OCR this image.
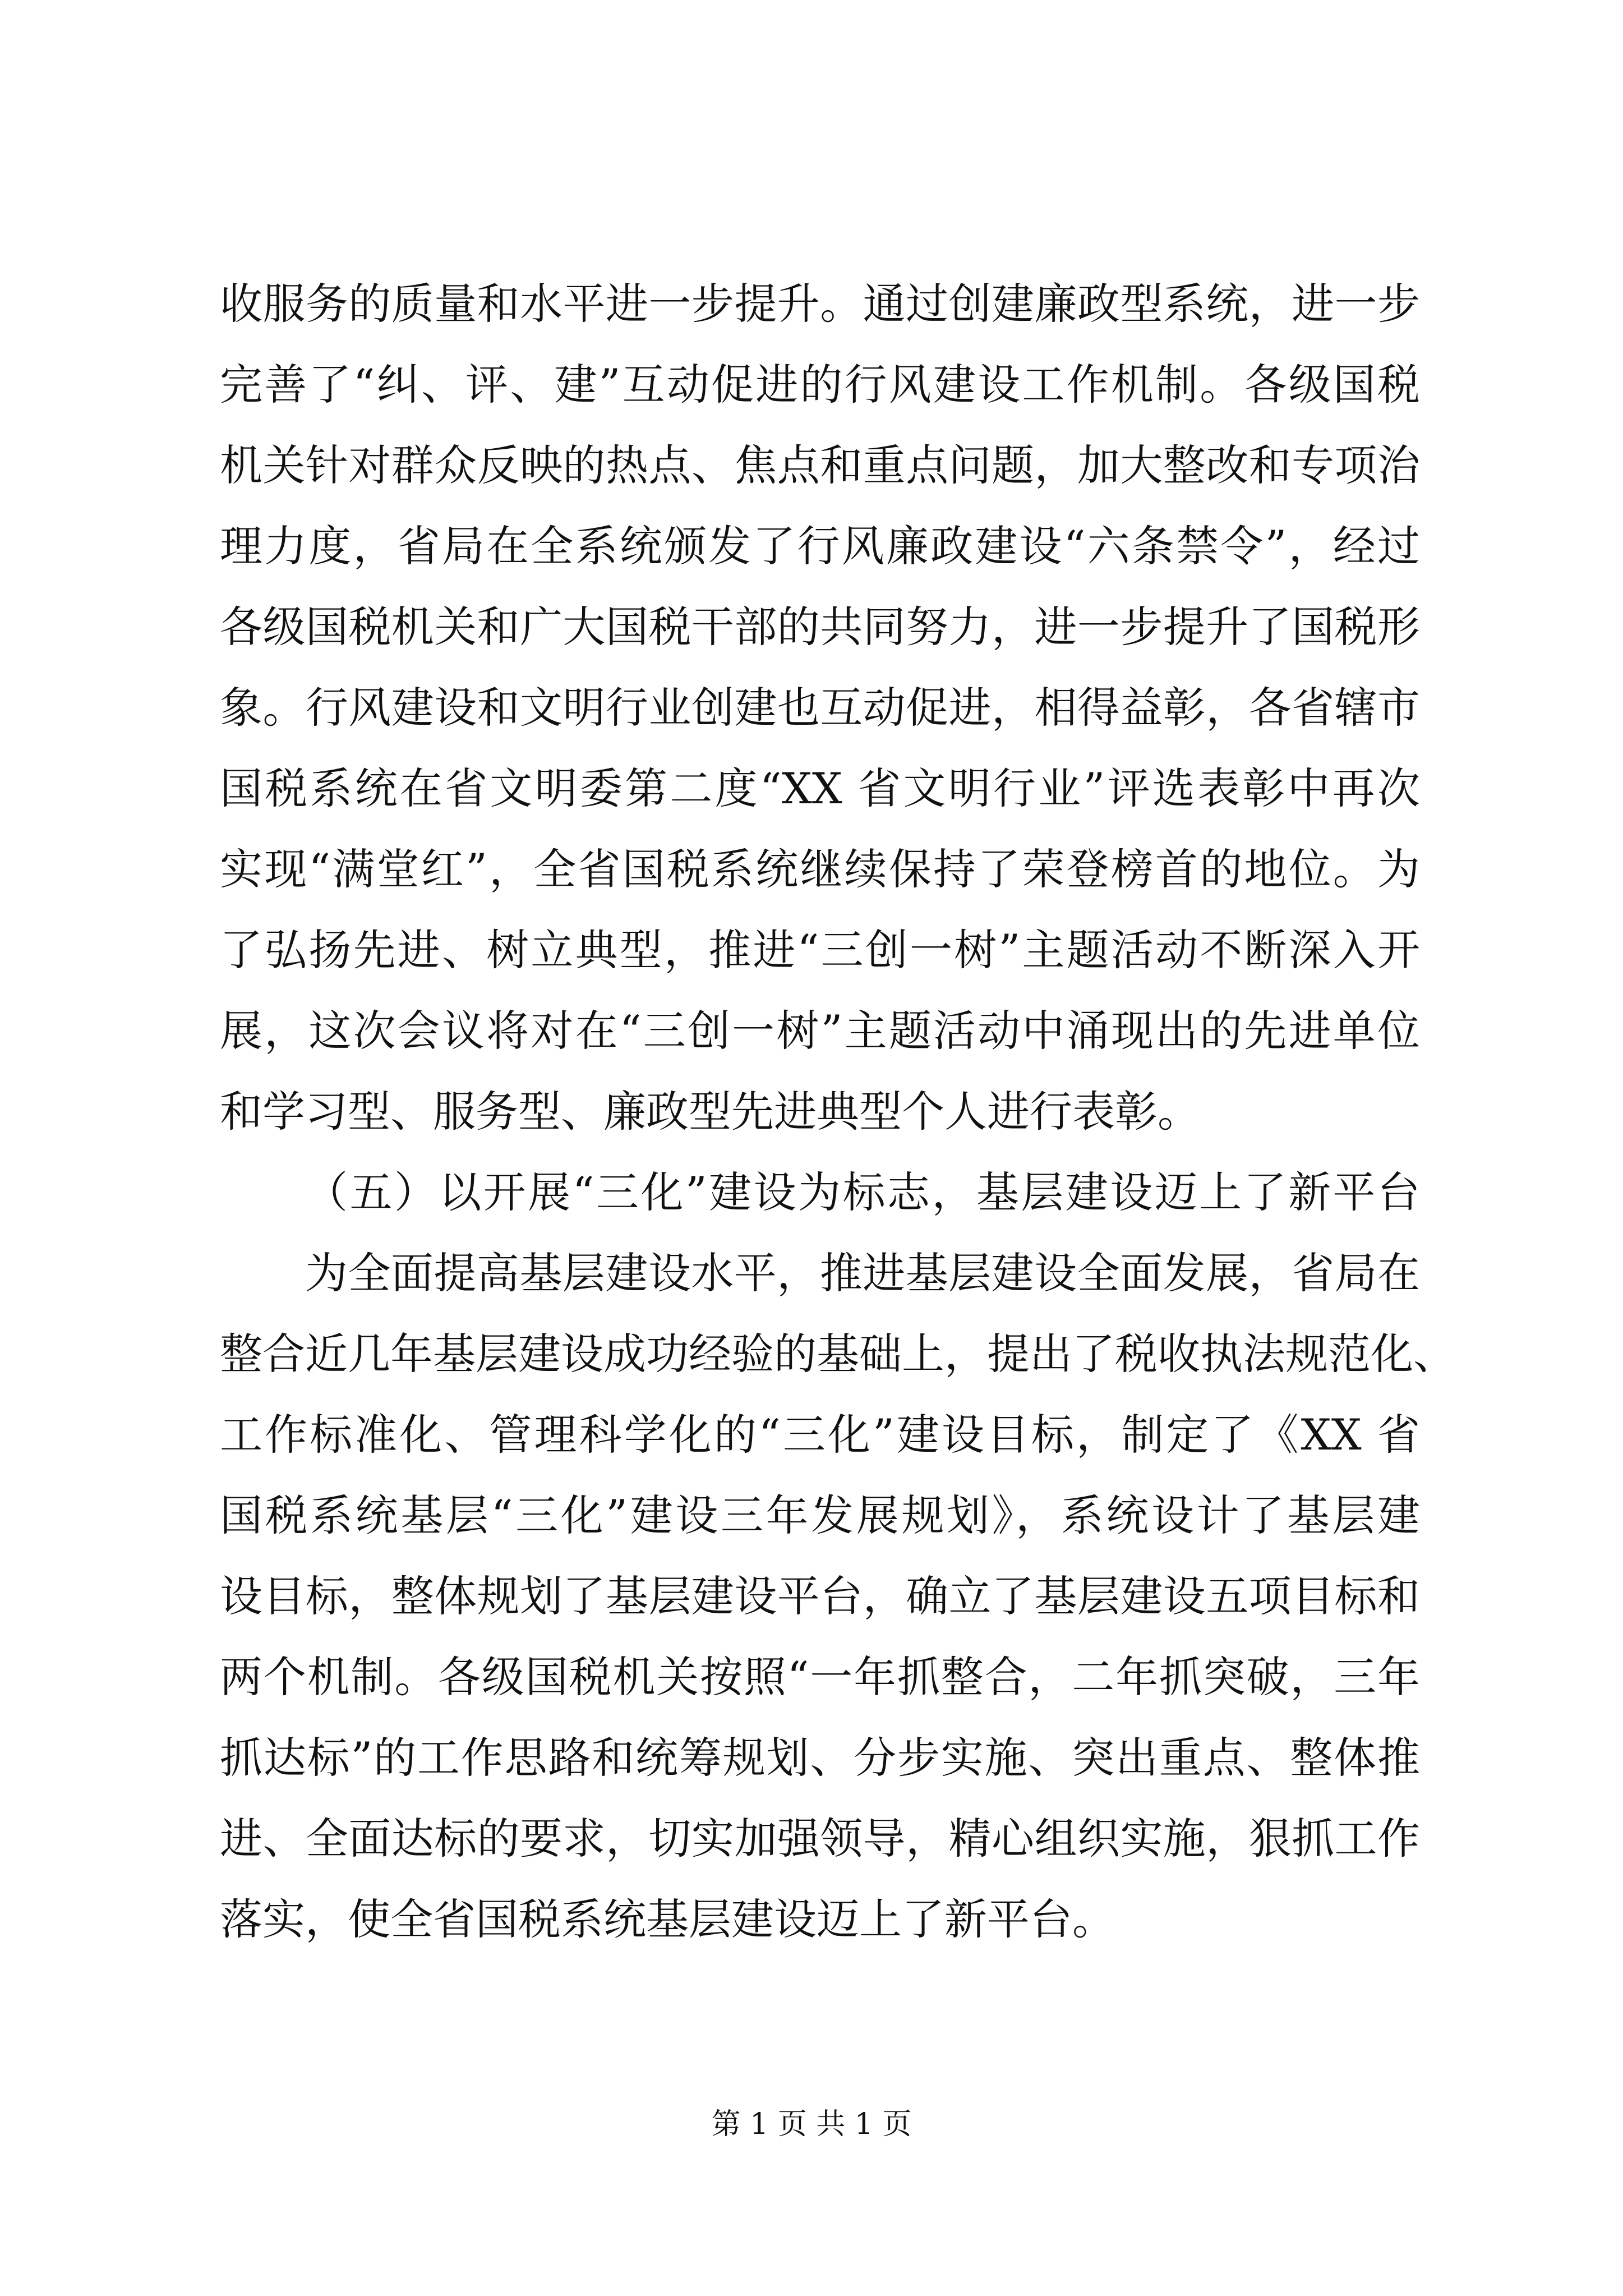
收服务的质量和水平进一步提升。通过创建廉政型系统，进一步
完善了“纠、评、建”互动促进的行风建设工作机制。各级国税
机关针对群众反映的热点、焦点和重点问题，加大整改和专项治
理力度，省局在全系统颁发了行风廉政建设“六条禁令”，经过
各级国税机关和广大国税干部的共同努力，进一步提升了国税形
象。行风建设和文明行业创建也互动促进，相得益彰，各省辖市
国税系统在省文明委第二度“XX 省文明行业”评选表彰中再次
实现“满堂红”，全省国税系统继续保持了荣登榜首的地位。为
了弘扬先进、树立典型，推进“三创一树”主题活动不断深入开
展，这次会议将对在“三创一树”主题活动中涌现出的先进单位
和学习型、服务型、廉政型先进典型个人进行表彰。
（五）以开展“三化”建设为标志，基层建设迈上了新平台
为全面提高基层建设水平，推进基层建设全面发展，省局在
整合近几年基层建设成功经验的基础上，提出了税收执法规范化、
工作标准化、管理科学化的“三化”建设目标，制定了《XX 省
国税系统基层“三化”建设三年发展规划》，系统设计了基层建
设目标，整体规划了基层建设平台，确立了基层建设五项目标和
两个机制。各级国税机关按照“一年抓整合，二年抓突破，三年
抓达标”的工作思路和统筹规划、分步实施、突出重点、整体推
进、全面达标的要求，切实加强领导，精心组织实施，狠抓工作
落实，使全省国税系统基层建设迈上了新平台。
第 1 页 共 1 页
